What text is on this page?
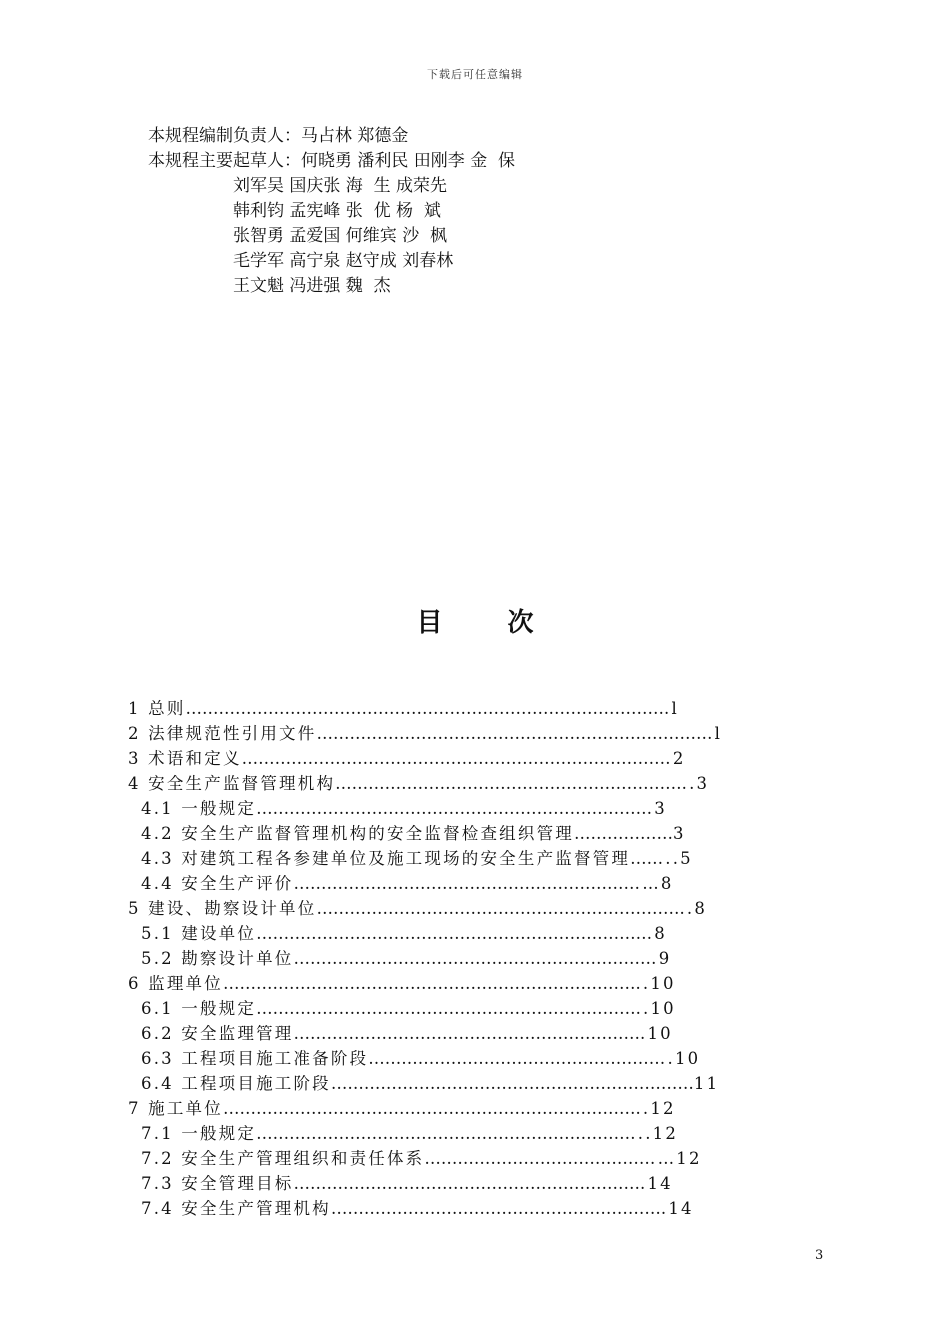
下载后可任意编辑
本规程编制负责人：马占林 郑德金
本规程主要起草人：何晓勇 潘利民 田刚李 金  保
刘军吴 国庆张 海  生 成荣先
韩利钧 孟宪峰 张  优 杨  斌
张智勇 孟爱国 何维宾 沙  枫
毛学军 高宁泉 赵守成 刘春林
王文魁 冯进强 魏  杰
目 次
1 总则…………………………………………………………………………….l
2 法律规范性引用文件………………………………………………………………l
3 术语和定义……………………………………………………………………2
4 安全生产监督管理机构………………………………………………………..3
4.1 一般规定………………………………………………………………3
4.2 安全生产监督管理机构的安全监督检查组织管理………………3
4.3 对建筑工程各参建单位及施工现场的安全生产监督管理……..5
4.4 安全生产评价…………………………………………………………8
5 建设、勘察设计单位…………………………………………………………..8
5.1 建设单位………………………………………………………………8
5.2 勘察设计单位…………………………………………………………9
6 监理单位…………………………………………………………………..10
6.1 一般规定……………………………………………………………..10
6.2 安全监理管理……………………………………………………….10
6.3 工程项目施工准备阶段……………………………………………….10
6.4 工程项目施工阶段…………………………………………………………11
7 施工单位…………………………………………………………………..12
7.1 一般规定……………………………………………………………..12
7.2 安全生产管理组织和责任体系………………………………………12
7.3 安全管理目标……………………………………………………….14
7.4 安全生产管理机构…………………………………………………….14
3
